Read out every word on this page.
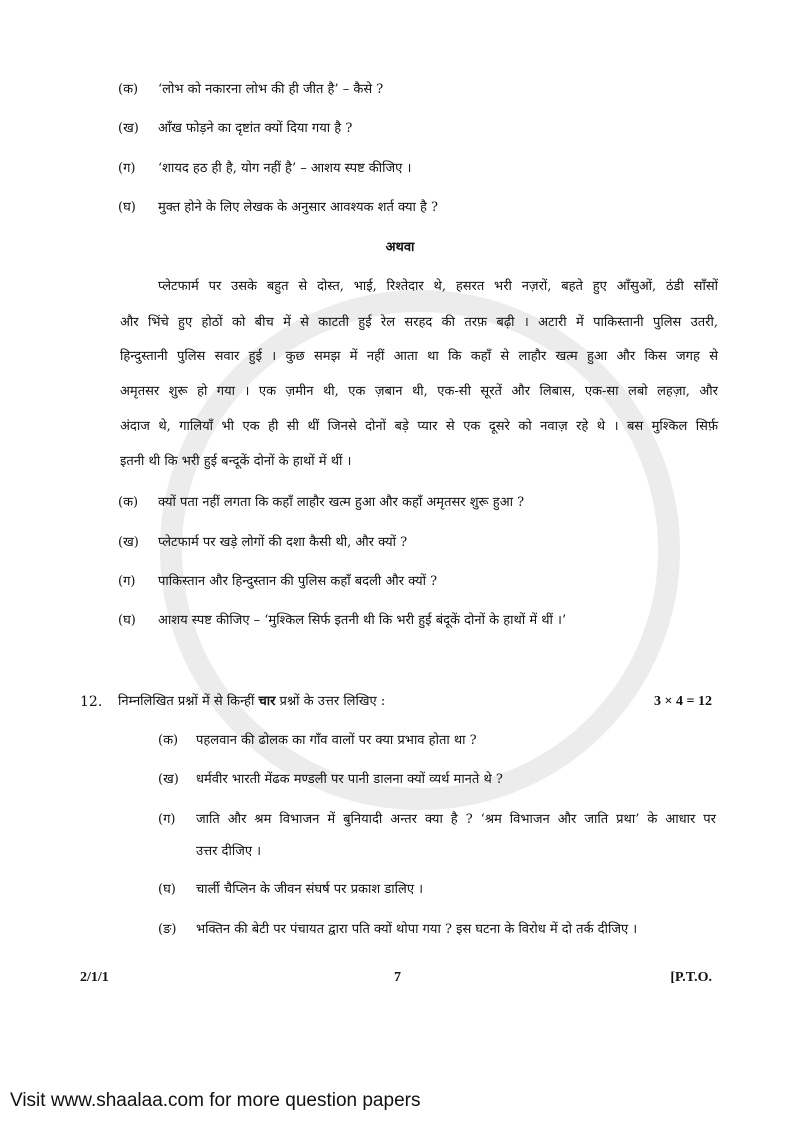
(क) ‘लोभ को नकारना लोभ की ही जीत है’ – कैसे ?
(ख) आँख फोड़ने का दृष्टांत क्यों दिया गया है ?
(ग) ‘शायद हठ ही है, योग नहीं है’ – आशय स्पष्ट कीजिए ।
(घ) मुक्त होने के लिए लेखक के अनुसार आवश्यक शर्त क्या है ?
अथवा
प्लेटफार्म पर उसके बहुत से दोस्त, भाई, रिश्तेदार थे, हसरत भरी नज़रों, बहते हुए आँसुओं, ठंडी साँसों
और भिंचे हुए होठों को बीच में से काटती हुई रेल सरहद की तरफ़ बढ़ी । अटारी में पाकिस्तानी पुलिस उतरी,
हिन्दुस्तानी पुलिस सवार हुई । कुछ समझ में नहीं आता था कि कहाँ से लाहौर खत्म हुआ और किस जगह से
अमृतसर शुरू हो गया । एक ज़मीन थी, एक ज़बान थी, एक-सी सूरतें और लिबास, एक-सा लबो लहज़ा, और
अंदाज थे, गालियाँ भी एक ही सी थीं जिनसे दोनों बड़े प्यार से एक दूसरे को नवाज़ रहे थे । बस मुश्किल सिर्फ़
इतनी थी कि भरी हुई बन्दूकें दोनों के हाथों में थीं ।
(क) क्यों पता नहीं लगता कि कहाँ लाहौर खत्म हुआ और कहाँ अमृतसर शुरू हुआ ?
(ख) प्लेटफार्म पर खड़े लोगों की दशा कैसी थी, और क्यों ?
(ग) पाकिस्तान और हिन्दुस्तान की पुलिस कहाँ बदली और क्यों ?
(घ) आशय स्पष्ट कीजिए – ‘मुश्किल सिर्फ इतनी थी कि भरी हुई बंदूकें दोनों के हाथों में थीं ।’
12. निम्नलिखित प्रश्नों में से किन्हीं चार प्रश्नों के उत्तर लिखिए :	3 × 4 = 12
(क) पहलवान की ढोलक का गाँव वालों पर क्या प्रभाव होता था ?
(ख) धर्मवीर भारती मेंढक मण्डली पर पानी डालना क्यों व्यर्थ मानते थे ?
(ग) जाति और श्रम विभाजन में बुनियादी अन्तर क्या है ? ‘श्रम विभाजन और जाति प्रथा’ के आधार पर
उत्तर दीजिए ।
(घ) चार्ली चैप्लिन के जीवन संघर्ष पर प्रकाश डालिए ।
(ङ) भक्तिन की बेटी पर पंचायत द्वारा पति क्यों थोपा गया ? इस घटना के विरोध में दो तर्क दीजिए ।
2/1/1	7	[P.T.O.
Visit www.shaalaa.com for more question papers
